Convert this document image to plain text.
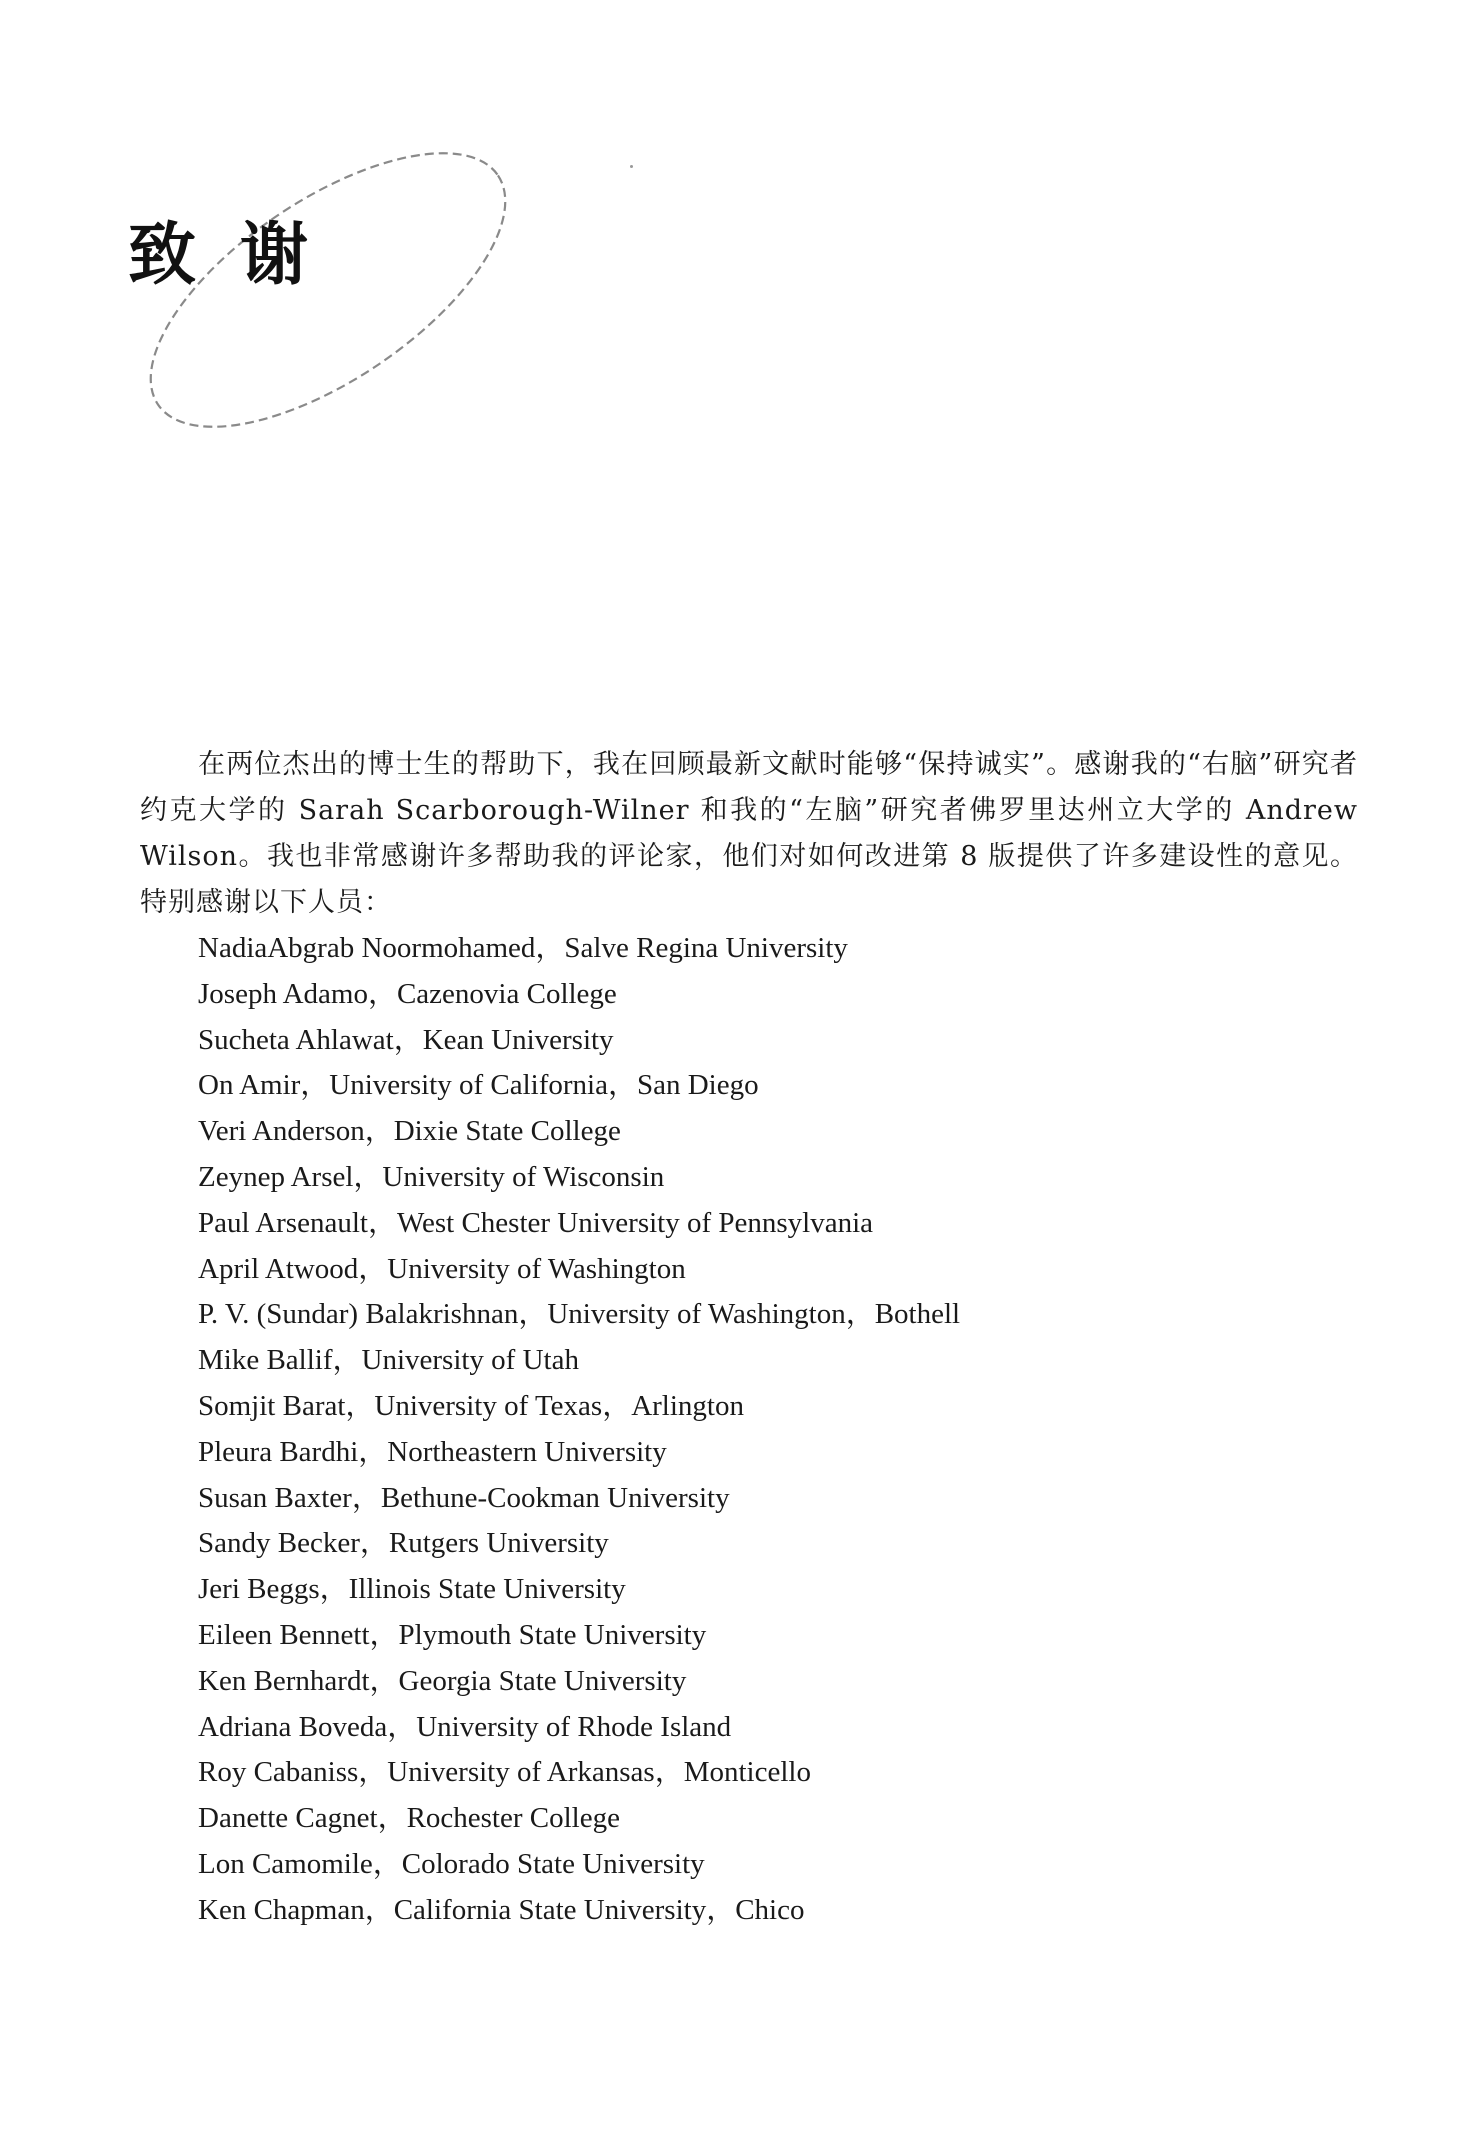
致谢

在两位杰出的博士生的帮助下，我在回顾最新文献时能够“保持诚实”。感谢我的“右脑”研究者约克大学的 Sarah Scarborough-Wilner 和我的“左脑”研究者佛罗里达州立大学的 Andrew Wilson。我也非常感谢许多帮助我的评论家，他们对如何改进第 8 版提供了许多建设性的意见。特别感谢以下人员：

NadiaAbgrab Noormohamed，Salve Regina University
Joseph Adamo，Cazenovia College
Sucheta Ahlawat，Kean University
On Amir，University of California，San Diego
Veri Anderson，Dixie State College
Zeynep Arsel，University of Wisconsin
Paul Arsenault，West Chester University of Pennsylvania
April Atwood，University of Washington
P. V. (Sundar) Balakrishnan，University of Washington，Bothell
Mike Ballif，University of Utah
Somjit Barat，University of Texas，Arlington
Pleura Bardhi，Northeastern University
Susan Baxter，Bethune-Cookman University
Sandy Becker，Rutgers University
Jeri Beggs，Illinois State University
Eileen Bennett，Plymouth State University
Ken Bernhardt，Georgia State University
Adriana Boveda，University of Rhode Island
Roy Cabaniss，University of Arkansas，Monticello
Danette Cagnet，Rochester College
Lon Camomile，Colorado State University
Ken Chapman，California State University，Chico
